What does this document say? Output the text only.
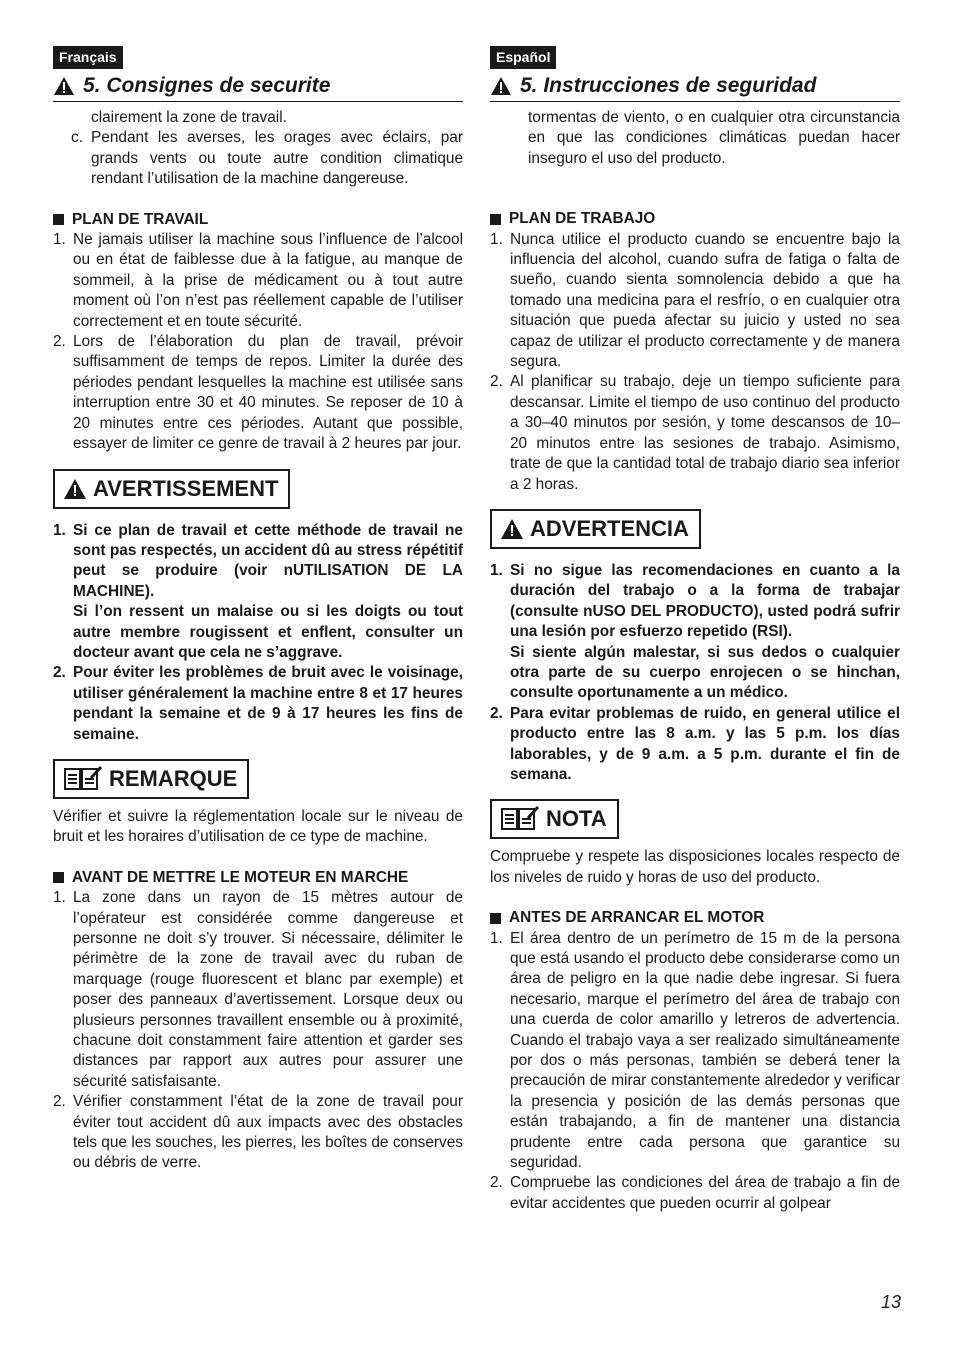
Français
5. Consignes de securite

clairement la zone de travail.

c. Pendant les averses, les orages avec éclairs, par grands vents ou toute autre condition climatique rendant l’utilisation de la machine dangereuse.
PLAN DE TRAVAIL
1. Ne jamais utiliser la machine sous l’influence de l’alcool ou en état de faiblesse due à la fatigue, au manque de sommeil, à la prise de médicament ou à tout autre moment où l’on n’est pas réellement capable de l’utiliser correctement et en toute sécurité.
2. Lors de l’élaboration du plan de travail, prévoir suffisamment de temps de repos. Limiter la durée des périodes pendant lesquelles la machine est utilisée sans interruption entre 30 et 40 minutes. Se reposer de 10 à 20 minutes entre ces périodes. Autant que possible, essayer de limiter ce genre de travail à 2 heures par jour.
AVERTISSEMENT
1. Si ce plan de travail et cette méthode de travail ne sont pas respectés, un accident dû au stress répétitif peut se produire (voir nUTILISATION DE LA MACHINE).
Si l’on ressent un malaise ou si les doigts ou tout autre membre rougissent et enflent, consulter un docteur avant que cela ne s’aggrave.
2. Pour éviter les problèmes de bruit avec le voisinage, utiliser généralement la machine entre 8 et 17 heures pendant la semaine et de 9 à 17 heures les fins de semaine.
REMARQUE
Vérifier et suivre la réglementation locale sur le niveau de bruit et les horaires d’utilisation de ce type de machine.
AVANT DE METTRE LE MOTEUR EN MARCHE
1. La zone dans un rayon de 15 mètres autour de l’opérateur est considérée comme dangereuse et personne ne doit s’y trouver. Si nécessaire, délimiter le périmètre de la zone de travail avec du ruban de marquage (rouge fluorescent et blanc par exemple) et poser des panneaux d’avertissement. Lorsque deux ou plusieurs personnes travaillent ensemble ou à proximité, chacune doit constamment faire attention et garder ses distances par rapport aux autres pour assurer une sécurité satisfaisante.
2. Vérifier constamment l’état de la zone de travail pour éviter tout accident dû aux impacts avec des obstacles tels que les souches, les pierres, les boîtes de conserves ou débris de verre.
Español
5. Instrucciones de seguridad

tormentas de viento, o en cualquier otra circunstancia en que las condiciones climáticas puedan hacer inseguro el uso del producto.

PLAN DE TRABAJO
1. Nunca utilice el producto cuando se encuentre bajo la influencia del alcohol, cuando sufra de fatiga o falta de sueño, cuando sienta somnolencia debido a que ha tomado una medicina para el resfrío, o en cualquier otra situación que pueda afectar su juicio y usted no sea capaz de utilizar el producto correctamente y de manera segura.
2. Al planificar su trabajo, deje un tiempo suficiente para descansar. Limite el tiempo de uso continuo del producto a 30–40 minutos por sesión, y tome descansos de 10–20 minutos entre las sesiones de trabajo. Asimismo, trate de que la cantidad total de trabajo diario sea inferior a 2 horas.
ADVERTENCIA
1. Si no sigue las recomendaciones en cuanto a la duración del trabajo o a la forma de trabajar (consulte nUSO DEL PRODUCTO), usted podrá sufrir una lesión por esfuerzo repetido (RSI).
Si siente algún malestar, si sus dedos o cualquier otra parte de su cuerpo enrojecen o se hinchan, consulte oportunamente a un médico.
2. Para evitar problemas de ruido, en general utilice el producto entre las 8 a.m. y las 5 p.m. los días laborables, y de 9 a.m. a 5 p.m. durante el fin de semana.
NOTA
Compruebe y respete las disposiciones locales respecto de los niveles de ruido y horas de uso del producto.
ANTES DE ARRANCAR EL MOTOR
1. El área dentro de un perímetro de 15 m de la persona que está usando el producto debe considerarse como un área de peligro en la que nadie debe ingresar. Si fuera necesario, marque el perímetro del área de trabajo con una cuerda de color amarillo y letreros de advertencia. Cuando el trabajo vaya a ser realizado simultáneamente por dos o más personas, también se deberá tener la precaución de mirar constantemente alrededor y verificar la presencia y posición de las demás personas que están trabajando, a fin de mantener una distancia prudente entre cada persona que garantice su seguridad.
2. Compruebe las condiciones del área de trabajo a fin de evitar accidentes que pueden ocurrir al golpear
13
